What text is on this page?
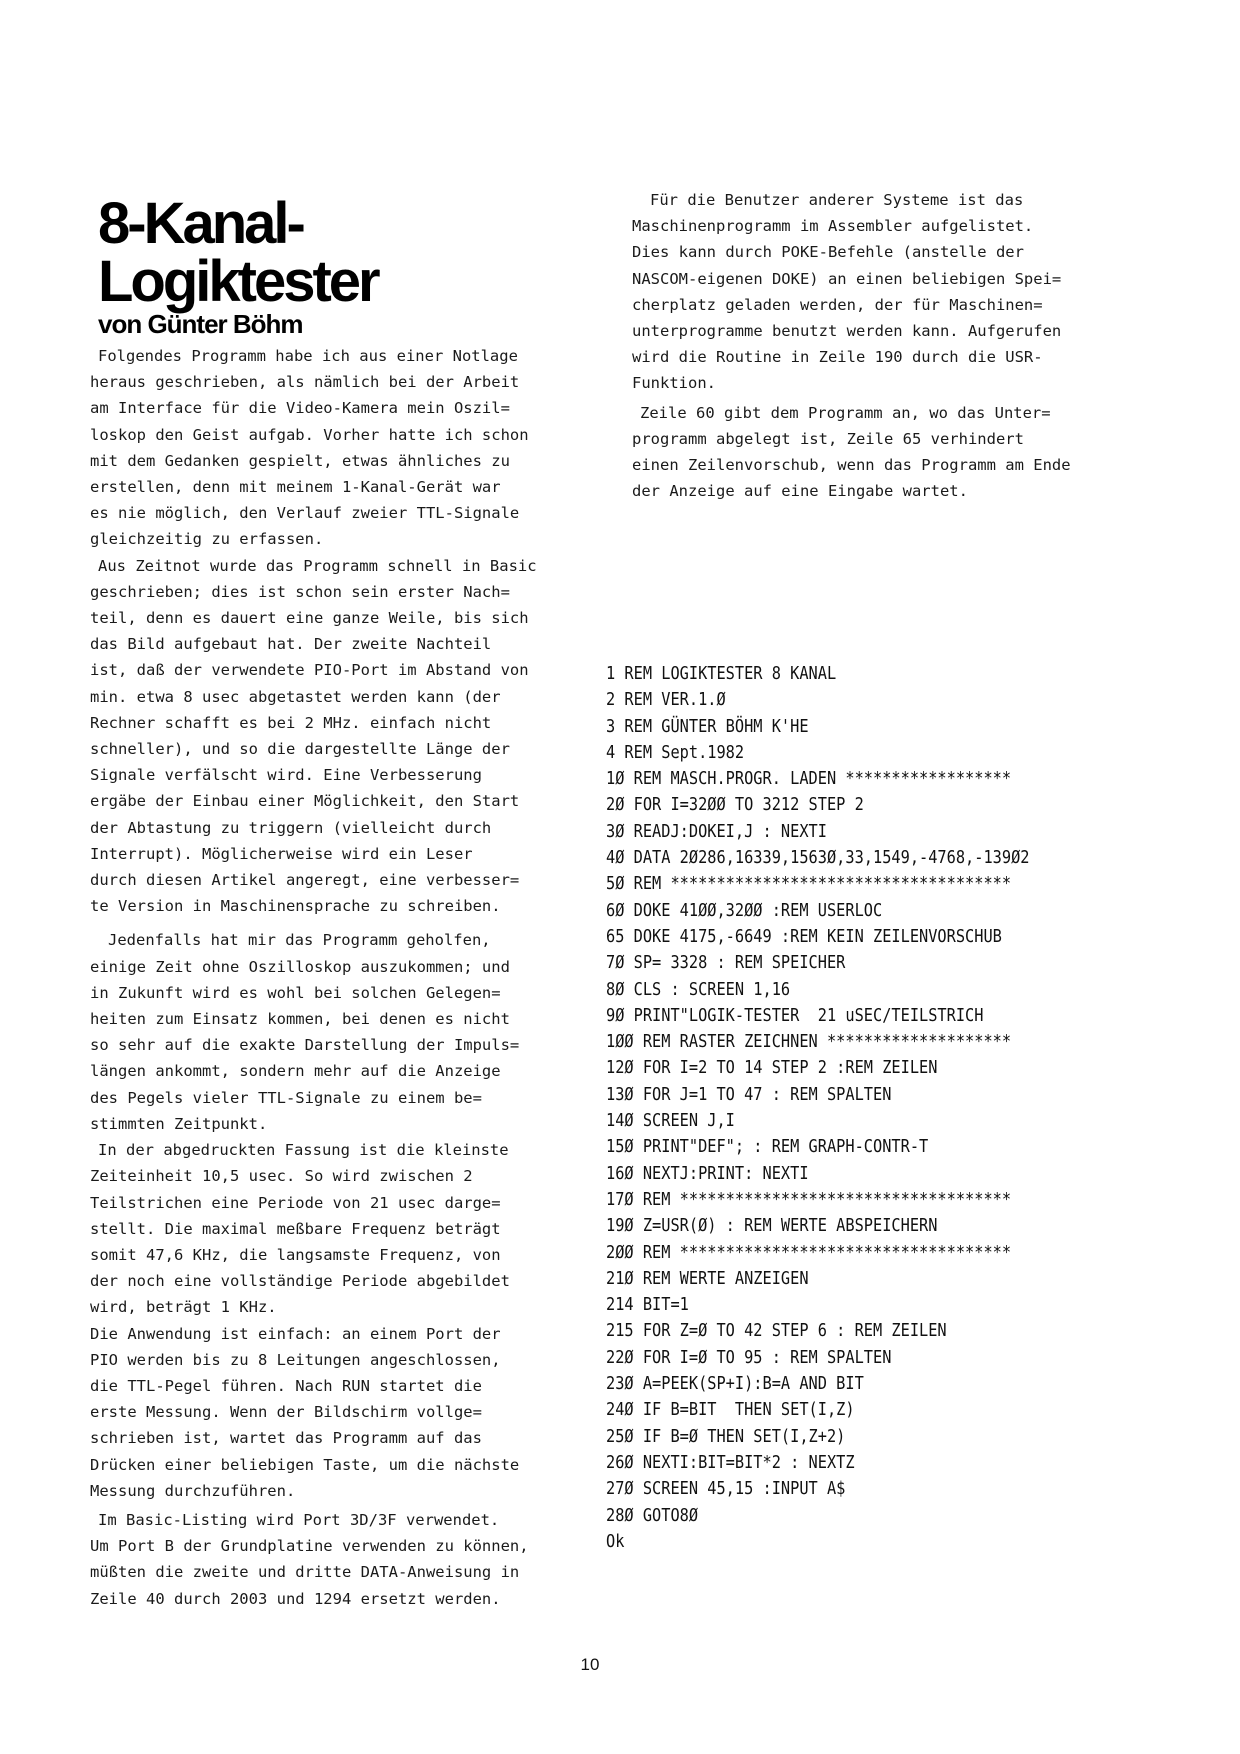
8-Kanal-
Logiktester
von Günter Böhm

Folgendes Programm habe ich aus einer Notlage
heraus geschrieben, als nämlich bei der Arbeit
am Interface für die Video-Kamera mein Oszil=
loskop den Geist aufgab. Vorher hatte ich schon
mit dem Gedanken gespielt, etwas ähnliches zu
erstellen, denn mit meinem 1-Kanal-Gerät war
es nie möglich, den Verlauf zweier TTL-Signale
gleichzeitig zu erfassen.

Aus Zeitnot wurde das Programm schnell in Basic
geschrieben; dies ist schon sein erster Nach=
teil, denn es dauert eine ganze Weile, bis sich
das Bild aufgebaut hat. Der zweite Nachteil
ist, daß der verwendete PIO-Port im Abstand von
min. etwa 8 usec abgetastet werden kann (der
Rechner schafft es bei 2 MHz. einfach nicht
schneller), und so die dargestellte Länge der
Signale verfälscht wird. Eine Verbesserung
ergäbe der Einbau einer Möglichkeit, den Start
der Abtastung zu triggern (vielleicht durch
Interrupt). Möglicherweise wird ein Leser
durch diesen Artikel angeregt, eine verbesser=
te Version in Maschinensprache zu schreiben.

Jedenfalls hat mir das Programm geholfen,
einige Zeit ohne Oszilloskop auszukommen; und
in Zukunft wird es wohl bei solchen Gelegen=
heiten zum Einsatz kommen, bei denen es nicht
so sehr auf die exakte Darstellung der Impuls=
längen ankommt, sondern mehr auf die Anzeige
des Pegels vieler TTL-Signale zu einem be=
stimmten Zeitpunkt.

In der abgedruckten Fassung ist die kleinste
Zeiteinheit 10,5 usec. So wird zwischen 2
Teilstrichen eine Periode von 21 usec darge=
stellt. Die maximal meßbare Frequenz beträgt
somit 47,6 KHz, die langsamste Frequenz, von
der noch eine vollständige Periode abgebildet
wird, beträgt 1 KHz.

Die Anwendung ist einfach: an einem Port der
PIO werden bis zu 8 Leitungen angeschlossen,
die TTL-Pegel führen. Nach RUN startet die
erste Messung. Wenn der Bildschirm vollge=
schrieben ist, wartet das Programm auf das
Drücken einer beliebigen Taste, um die nächste
Messung durchzuführen.

Im Basic-Listing wird Port 3D/3F verwendet.
Um Port B der Grundplatine verwenden zu können,
müßten die zweite und dritte DATA-Anweisung in
Zeile 40 durch 2003 und 1294 ersetzt werden.

Für die Benutzer anderer Systeme ist das
Maschinenprogramm im Assembler aufgelistet.
Dies kann durch POKE-Befehle (anstelle der
NASCOM-eigenen DOKE) an einen beliebigen Spei=
cherplatz geladen werden, der für Maschinen=
unterprogramme benutzt werden kann. Aufgerufen
wird die Routine in Zeile 190 durch die USR-
Funktion.

Zeile 60 gibt dem Programm an, wo das Unter=
programm abgelegt ist, Zeile 65 verhindert
einen Zeilenvorschub, wenn das Programm am Ende
der Anzeige auf eine Eingabe wartet.

1 REM LOGIKTESTER 8 KANAL
2 REM VER.1.Ø
3 REM GÜNTER BÖHM K'HE
4 REM Sept.1982
1Ø REM MASCH.PROGR. LADEN ******************
2Ø FOR I=32ØØ TO 3212 STEP 2
3Ø READJ:DOKEI,J : NEXTI
4Ø DATA 2Ø286,16339,1563Ø,33,1549,-4768,-139Ø2
5Ø REM *************************************
6Ø DOKE 41ØØ,32ØØ :REM USERLOC
65 DOKE 4175,-6649 :REM KEIN ZEILENVORSCHUB
7Ø SP= 3328 : REM SPEICHER
8Ø CLS : SCREEN 1,16
9Ø PRINT"LOGIK-TESTER  21 uSEC/TEILSTRICH
1ØØ REM RASTER ZEICHNEN ********************
12Ø FOR I=2 TO 14 STEP 2 :REM ZEILEN
13Ø FOR J=1 TO 47 : REM SPALTEN
14Ø SCREEN J,I
15Ø PRINT"DEF"; : REM GRAPH-CONTR-T
16Ø NEXTJ:PRINT: NEXTI
17Ø REM ************************************
19Ø Z=USR(Ø) : REM WERTE ABSPEICHERN
2ØØ REM ************************************
21Ø REM WERTE ANZEIGEN
214 BIT=1
215 FOR Z=Ø TO 42 STEP 6 : REM ZEILEN
22Ø FOR I=Ø TO 95 : REM SPALTEN
23Ø A=PEEK(SP+I):B=A AND BIT
24Ø IF B=BIT  THEN SET(I,Z)
25Ø IF B=Ø THEN SET(I,Z+2)
26Ø NEXTI:BIT=BIT*2 : NEXTZ
27Ø SCREEN 45,15 :INPUT A$
28Ø GOTO8Ø
Ok
10
